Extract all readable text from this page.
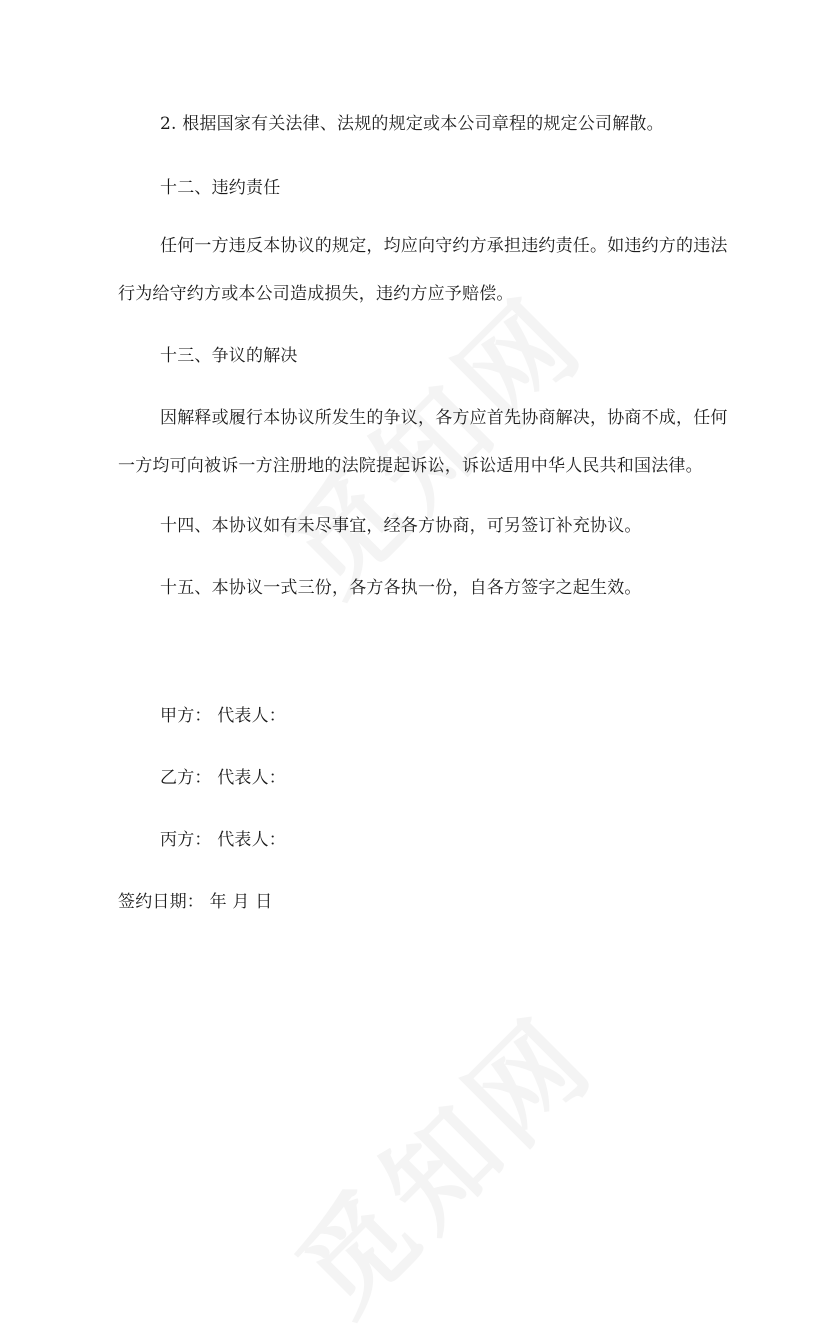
2. 根据国家有关法律、法规的规定或本公司章程的规定公司解散。
十二、违约责任
任何一方违反本协议的规定，均应向守约方承担违约责任。如违约方的违法
行为给守约方或本公司造成损失，违约方应予赔偿。
十三、争议的解决
因解释或履行本协议所发生的争议，各方应首先协商解决，协商不成，任何
一方均可向被诉一方注册地的法院提起诉讼，诉讼适用中华人民共和国法律。
十四、本协议如有未尽事宜，经各方协商，可另签订补充协议。
十五、本协议一式三份，各方各执一份，自各方签字之起生效。
甲方： 代表人：
乙方： 代表人：
丙方： 代表人：
签约日期： 年 月 日
